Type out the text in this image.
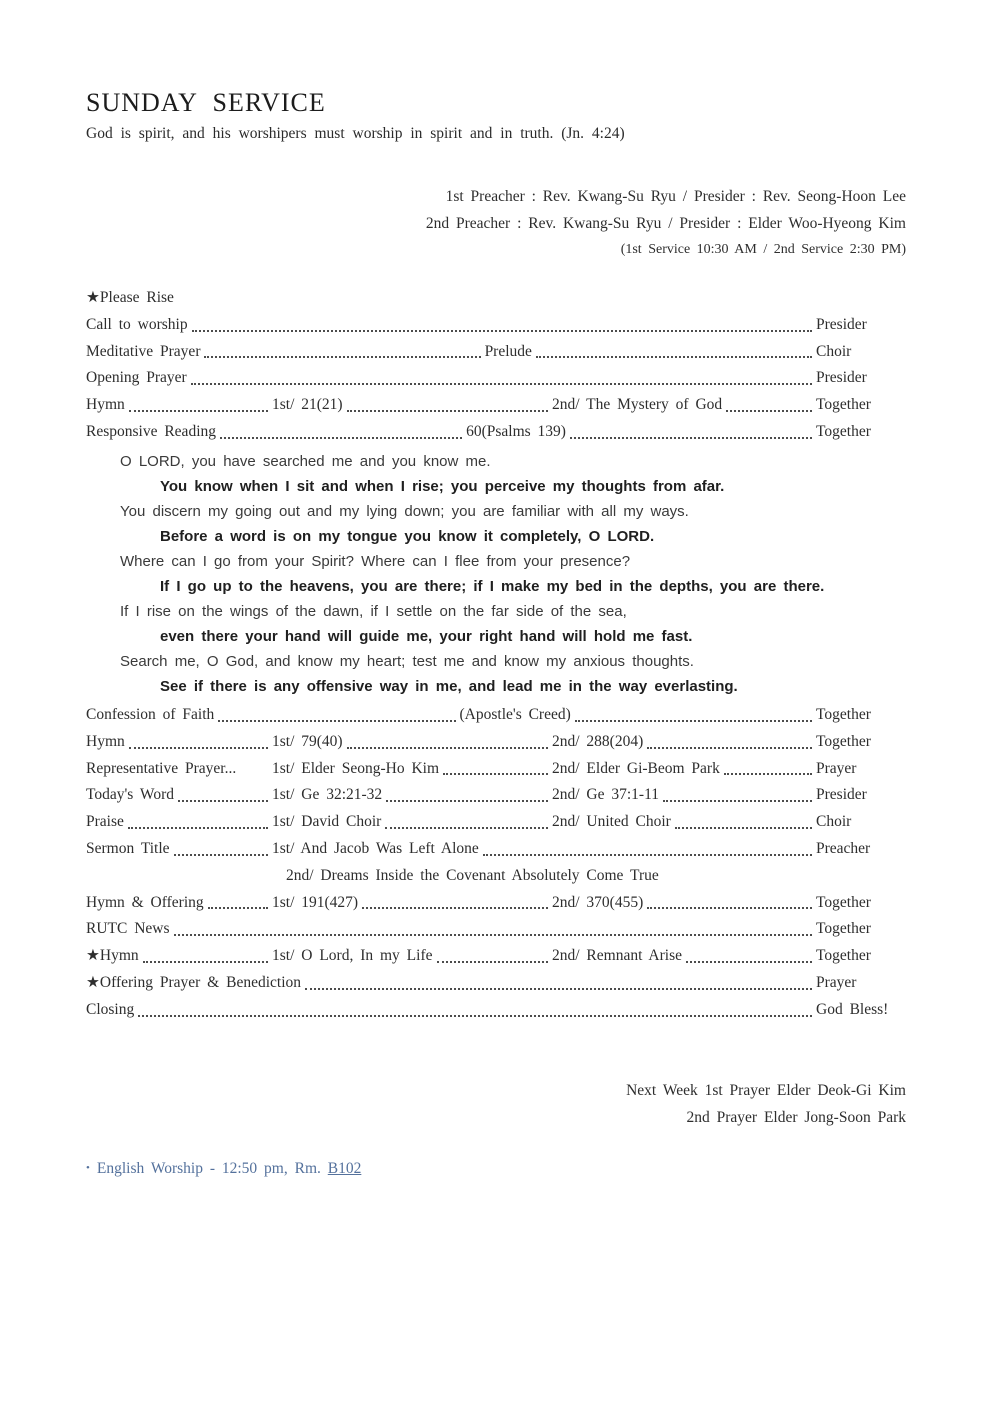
SUNDAY SERVICE
God is spirit, and his worshipers must worship in spirit and in truth. (Jn. 4:24)
1st Preacher : Rev. Kwang-Su Ryu / Presider : Rev. Seong-Hoon Lee
2nd Preacher : Rev. Kwang-Su Ryu / Presider : Elder Woo-Hyeong Kim
(1st Service 10:30 AM / 2nd Service 2:30 PM)
★Please Rise
Call to worship	Presider
Meditative Prayer	Prelude	Choir
Opening Prayer	Presider
Hymn	1st/ 21(21)	2nd/ The Mystery of God	Together
Responsive Reading	60(Psalms 139)	Together
O LORD, you have searched me and you know me.
You know when I sit and when I rise; you perceive my thoughts from afar.
You discern my going out and my lying down; you are familiar with all my ways.
Before a word is on my tongue you know it completely, O LORD.
Where can I go from your Spirit? Where can I flee from your presence?
If I go up to the heavens, you are there; if I make my bed in the depths, you are there.
If I rise on the wings of the dawn, if I settle on the far side of the sea,
even there your hand will guide me, your right hand will hold me fast.
Search me, O God, and know my heart; test me and know my anxious thoughts.
See if there is any offensive way in me, and lead me in the way everlasting.
Confession of Faith	(Apostle's Creed)	Together
Hymn	1st/ 79(40)	2nd/ 288(204)	Together
Representative Prayer... 1st/ Elder Seong-Ho Kim	2nd/ Elder Gi-Beom Park	Prayer
Today's Word	1st/ Ge 32:21-32	2nd/ Ge 37:1-11	Presider
Praise	1st/ David Choir	2nd/ United Choir	Choir
Sermon Title	1st/ And Jacob Was Left Alone	Preacher
2nd/ Dreams Inside the Covenant Absolutely Come True
Hymn & Offering	1st/ 191(427)	2nd/ 370(455)	Together
RUTC News	Together
★Hymn	1st/ O Lord, In my Life	2nd/ Remnant Arise	Together
★Offering Prayer & Benediction	Prayer
Closing	God Bless!
Next Week 1st Prayer Elder Deok-Gi Kim
2nd Prayer Elder Jong-Soon Park
• English Worship - 12:50 pm, Rm. B102
